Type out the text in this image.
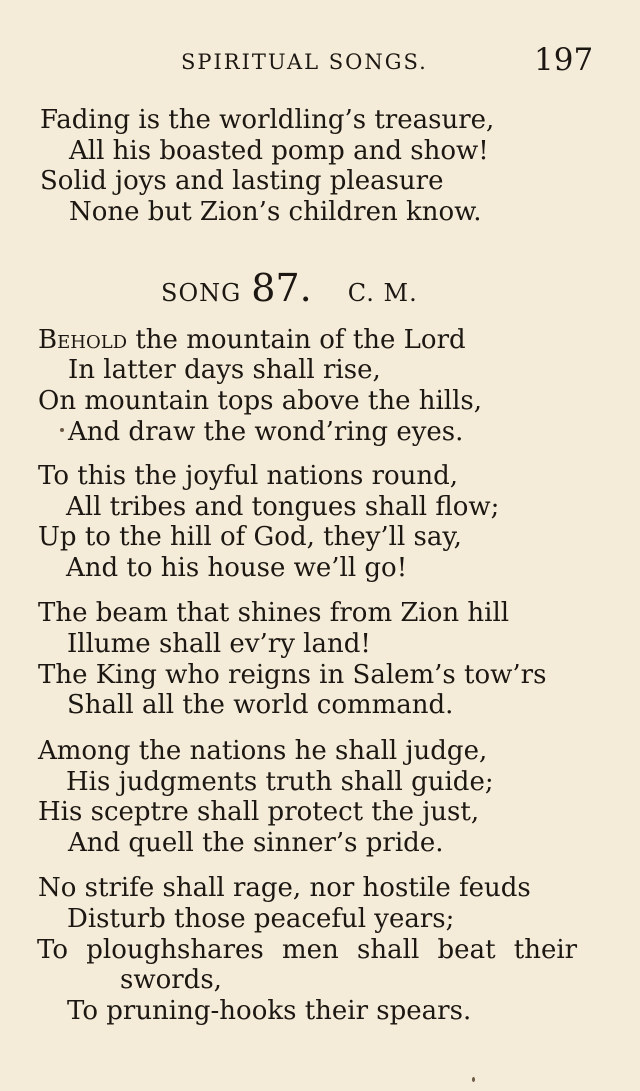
SPIRITUAL SONGS.	197
Fading is the worldling’s treasure,
All his boasted pomp and show!
Solid joys and lasting pleasure
None but Zion’s children know.
SONG 87. C. M.
Behold the mountain of the Lord
In latter days shall rise,
On mountain tops above the hills,
And draw the wond’ring eyes.
To this the joyful nations round,
All tribes and tongues shall flow;
Up to the hill of God, they’ll say,
And to his house we’ll go!
The beam that shines from Zion hill
Illume shall ev’ry land!
The King who reigns in Salem’s tow’rs
Shall all the world command.
Among the nations he shall judge,
His judgments truth shall guide;
His sceptre shall protect the just,
And quell the sinner’s pride.
No strife shall rage, nor hostile feuds
Disturb those peaceful years;
To ploughshares men shall beat their
swords,
To pruning-hooks their spears.
